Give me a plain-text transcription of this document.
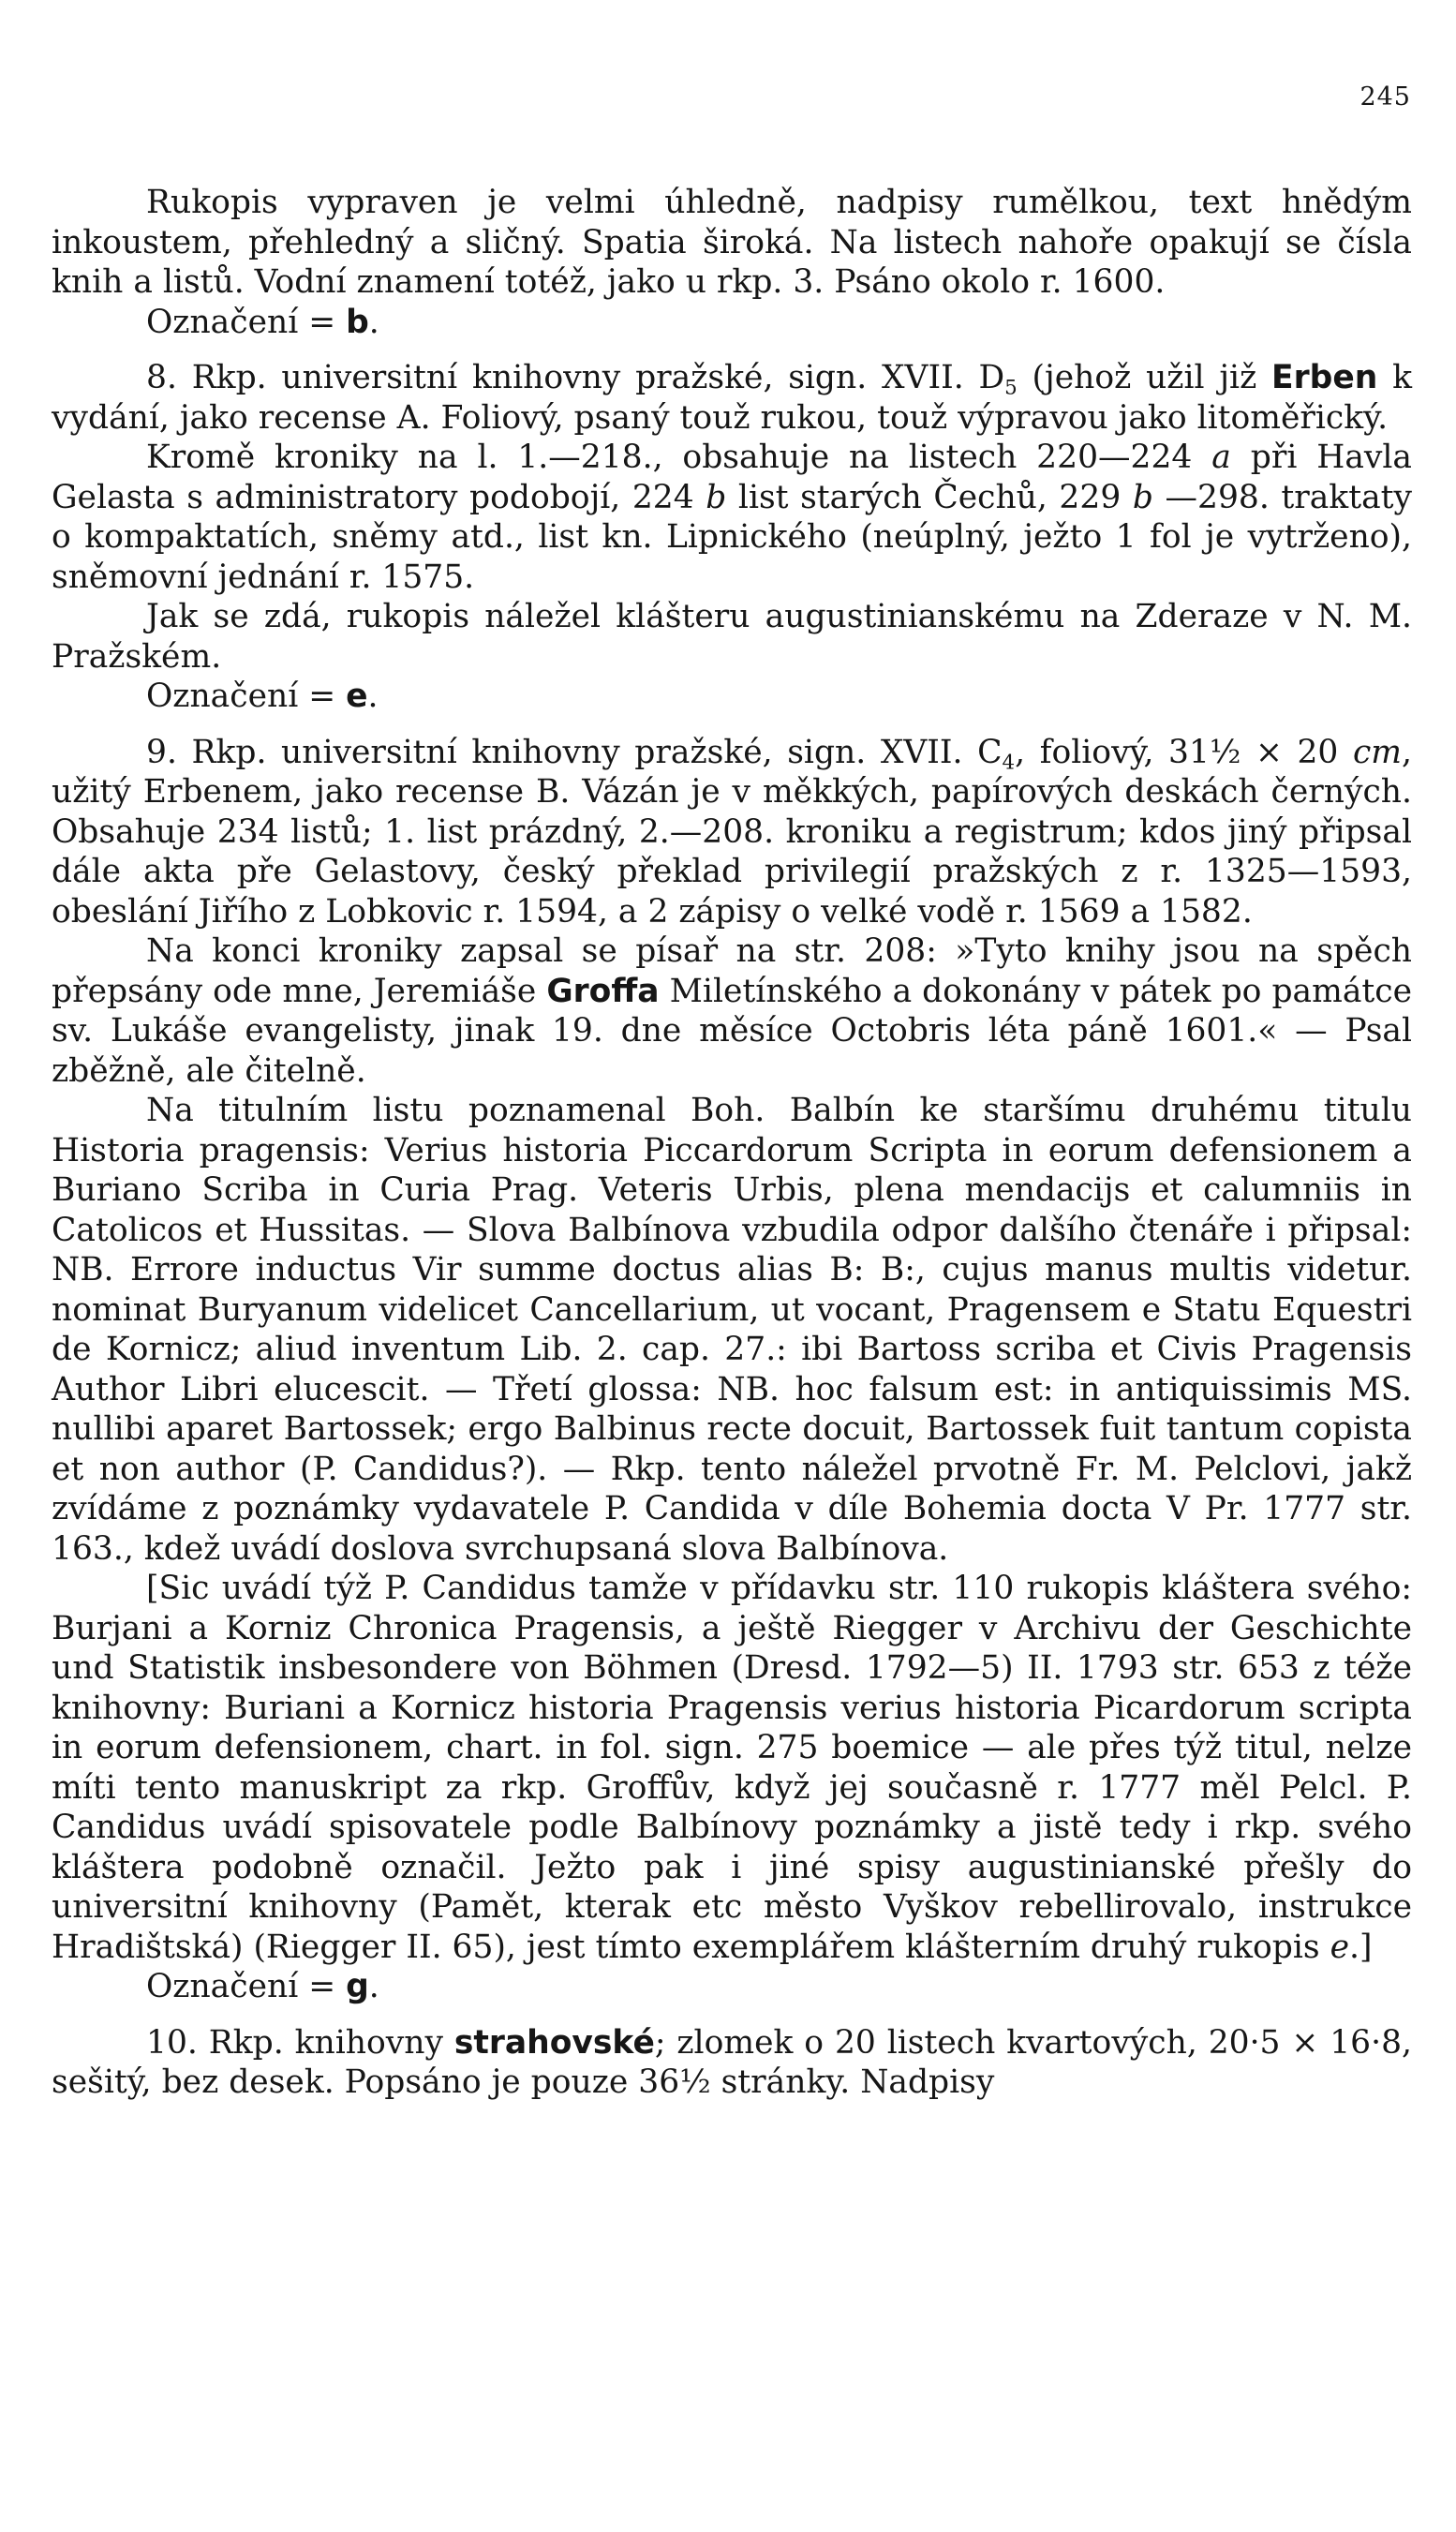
245

Rukopis vypraven je velmi úhledně, nadpisy rumělkou, text hnědým inkoustem, přehledný a sličný. Spatia široká. Na listech nahoře opakují se čísla knih a listů. Vodní znamení totéž, jako u rkp. 3. Psáno okolo r. 1600.

Označení = b.

8. Rkp. universitní knihovny pražské, sign. XVII. $D_5$ (jehož užil již Erben k vydání, jako recense A. Foliový, psaný touž rukou, touž výpravou jako litoměřický.

Kromě kroniky na l. 1.—218., obsahuje na listech 220—224 a při Havla Gelasta s administratory podobojí, 224 b list starých Čechů, 229 b —298. traktaty o kompaktatích, sněmy atd., list kn. Lipnického (neúplný, ježto 1 fol je vytrženo), sněmovní jednání r. 1575.

Jak se zdá, rukopis náležel klášteru augustinianskému na Zderaze v N. M. Pražském.

Označení = e.

9. Rkp. universitní knihovny pražské, sign. XVII. $C_4$, foliový, 31½ × 20 cm, užitý Erbenem, jako recense B. Vázán je v měkkých, papírových deskách černých. Obsahuje 234 listů; 1. list prázdný, 2.—208. kroniku a registrum; kdos jiný připsal dále akta pře Gelastovy, český překlad privilegií pražských z r. 1325—1593, obeslání Jiřího z Lobkovic r. 1594, a 2 zápisy o velké vodě r. 1569 a 1582.

Na konci kroniky zapsal se písař na str. 208: »Tyto knihy jsou na spěch přepsány ode mne, Jeremiáše Groffa Miletínského a dokonány v pátek po památce sv. Lukáše evangelisty, jinak 19. dne měsíce Octobris léta páně 1601.« — Psal zběžně, ale čitelně.

Na titulním listu poznamenal Boh. Balbín ke staršímu druhému titulu Historia pragensis: Verius historia Piccardorum Scripta in eorum defensionem a Buriano Scriba in Curia Prag. Veteris Urbis, plena mendacijs et calumniis in Catolicos et Hussitas. — Slova Balbínova vzbudila odpor dalšího čtenáře i připsal: NB. Errore inductus Vir summe doctus alias B: B:, cujus manus multis videtur. nominat Buryanum videlicet Cancellarium, ut vocant, Pragensem e Statu Equestri de Kornicz; aliud inventum Lib. 2. cap. 27.: ibi Bartoss scriba et Civis Pragensis Author Libri elucescit. — Třetí glossa: NB. hoc falsum est: in antiquissimis MS. nullibi aparet Bartossek; ergo Balbinus recte docuit, Bartossek fuit tantum copista et non author (P. Candidus?). — Rkp. tento náležel prvotně Fr. M. Pelclovi, jakž zvídáme z poznámky vydavatele P. Candida v díle Bohemia docta V Pr. 1777 str. 163., kdež uvádí doslova svrchupsaná slova Balbínova.

[Sic uvádí týž P. Candidus tamže v přídavku str. 110 rukopis kláštera svého: Burjani a Korniz Chronica Pragensis, a ještě Riegger v Archivu der Geschichte und Statistik insbesondere von Böhmen (Dresd. 1792—5) II. 1793 str. 653 z téže knihovny: Buriani a Kornicz historia Pragensis verius historia Picardorum scripta in eorum defensionem, chart. in fol. sign. 275 boemice — ale přes týž titul, nelze míti tento manuskript za rkp. Groffův, když jej současně r. 1777 měl Pelcl. P. Candidus uvádí spisovatele podle Balbínovy poznámky a jistě tedy i rkp. svého kláštera podobně označil. Ježto pak i jiné spisy augustinianské přešly do universitní knihovny (Pamět, kterak etc město Vyškov rebellirovalo, instrukce Hradištská) (Riegger II. 65), jest tímto exemplářem klášterním druhý rukopis e.]

Označení = g.

10. Rkp. knihovny strahovské; zlomek o 20 listech kvartových, 20·5 × 16·8, sešitý, bez desek. Popsáno je pouze 36½ stránky. Nadpisy
